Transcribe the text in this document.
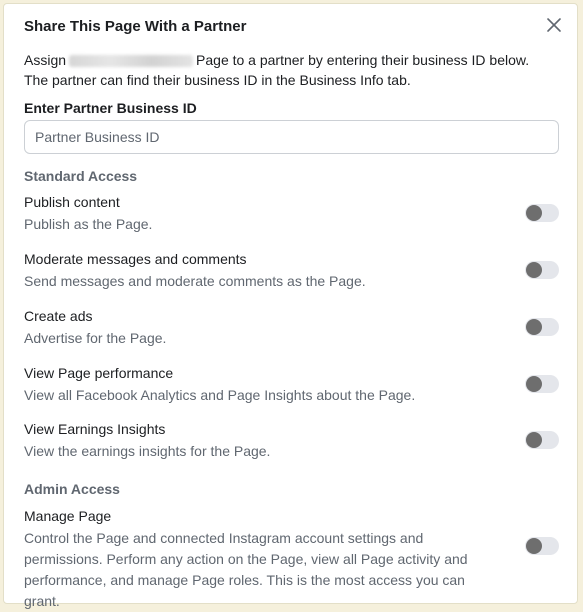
Share This Page With a Partner
Assign	Page to a partner by entering their business ID below. The partner can find their business ID in the Business Info tab.
Enter Partner Business ID
Partner Business ID
Standard Access
Publish content
Publish as the Page.
Moderate messages and comments
Send messages and moderate comments as the Page.
Create ads
Advertise for the Page.
View Page performance
View all Facebook Analytics and Page Insights about the Page.
View Earnings Insights
View the earnings insights for the Page.
Admin Access
Manage Page
Control the Page and connected Instagram account settings and permissions. Perform any action on the Page, view all Page activity and performance, and manage Page roles. This is the most access you can grant.
